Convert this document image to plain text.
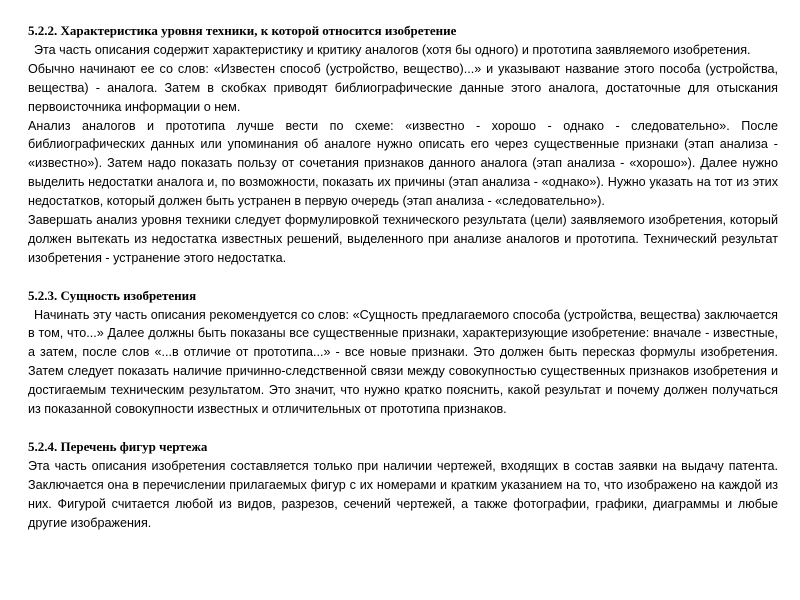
5.2.2. Характеристика уровня техники, к которой относится изобретение

Эта часть описания содержит характеристику и критику аналогов (хотя бы одного) и прототипа заявляемого изобретения.

Обычно начинают ее со слов: «Известен способ (устройство, вещество)...» и указывают название этого пособа (устройства, вещества) - аналога. Затем в скобках приводят библиографические данные этого аналога, достаточные для отыскания первоисточника информации о нем.

Анализ аналогов и прототипа лучше вести по схеме: «известно - хорошо - однако - следовательно». После библиографических данных или упоминания об аналоге нужно описать его через существенные признаки (этап анализа - «известно»). Затем надо показать пользу от сочетания признаков данного аналога (этап анализа - «хорошо»). Далее нужно выделить недостатки аналога и, по возможности, показать их причины (этап анализа - «однако»). Нужно указать на тот из этих недостатков, который должен быть устранен в первую очередь (этап анализа - «следовательно»).

Завершать анализ уровня техники следует формулировкой технического результата (цели) заявляемого изобретения, который должен вытекать из недостатка известных решений, выделенного при анализе аналогов и прототипа. Технический результат изобретения - устранение этого недостатка.

5.2.3. Сущность изобретения

Начинать эту часть описания рекомендуется со слов: «Сущность предлагаемого способа (устройства, вещества) заключается в том, что...» Далее должны быть показаны все существенные признаки, характеризующие изобретение: вначале - известные, а затем, после слов «...в отличие от прототипа...» - все новые признаки. Это должен быть пересказ формулы изобретения. Затем следует показать наличие причинно-следственной связи между совокупностью существенных признаков изобретения и достигаемым техническим результатом. Это значит, что нужно кратко пояснить, какой результат и почему должен получаться из показанной совокупности известных и отличительных от прототипа признаков.

5.2.4. Перечень фигур чертежа

Эта часть описания изобретения составляется только при наличии чертежей, входящих в состав заявки на выдачу патента. Заключается она в перечислении прилагаемых фигур с их номерами и кратким указанием на то, что изображено на каждой из них. Фигурой считается любой из видов, разрезов, сечений чертежей, а также фотографии, графики, диаграммы и любые другие изображения.
